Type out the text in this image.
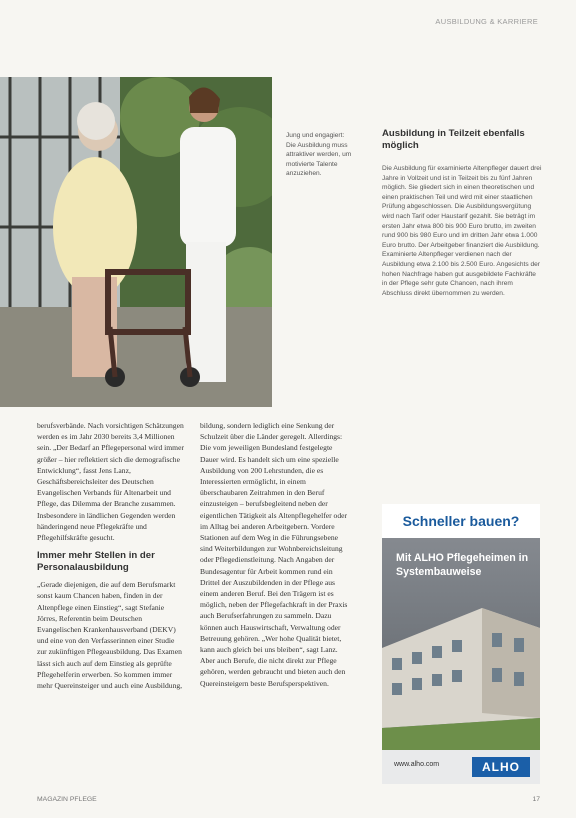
AUSBILDUNG & KARRIERE
Jung und engagiert: Die Ausbildung muss attraktiver werden, um motivierte Talente anzuziehen.
Ausbildung in Teilzeit ebenfalls möglich

Die Ausbildung für examinierte Altenpfleger dauert drei Jahre in Vollzeit und ist in Teilzeit bis zu fünf Jahren möglich. Sie gliedert sich in einen theoretischen und einen praktischen Teil und wird mit einer staatlichen Prüfung abgeschlossen. Die Ausbildungsvergütung wird nach Tarif oder Haustarif gezahlt. Sie beträgt im ersten Jahr etwa 800 bis 900 Euro brutto, im zweiten rund 900 bis 980 Euro und im dritten Jahr etwa 1.000 Euro brutto. Der Arbeitgeber finanziert die Ausbildung. Examinierte Altenpfleger verdienen nach der Ausbildung etwa 2.100 bis 2.500 Euro. Angesichts der hohen Nachfrage haben gut ausgebildete Fachkräfte in der Pflege sehr gute Chancen, nach ihrem Abschluss direkt übernommen zu werden.

berufsverbände. Nach vorsichtigen Schätzungen werden es im Jahr 2030 bereits 3,4 Millionen sein. „Der Bedarf an Pflegepersonal wird immer größer – hier reflektiert sich die demografische Entwicklung“, fasst Jens Lanz, Geschäftsbereichsleiter des Deutschen Evangelischen Verbands für Altenarbeit und Pflege, das Dilemma der Branche zusammen. Insbesondere in ländlichen Gegenden werden händeringend neue Pflegekräfte und Pflegehilfskräfte gesucht.

Immer mehr Stellen in der Personalausbildung

„Gerade diejenigen, die auf dem Berufsmarkt sonst kaum Chancen haben, finden in der Altenpflege einen Einstieg“, sagt Stefanie Jörres, Referentin beim Deutschen Evangelischen Krankenhausverband (DEKV) und eine von den Verfasserinnen einer Studie zur zukünftigen Pflegeausbildung. Das Examen lässt sich auch auf dem Einstieg als geprüfte Pflegehelferin erwerben. So kommen immer mehr Quereinsteiger und auch eine Ausbildung,

bildung, sondern lediglich eine Senkung der Schulzeit über die Länder geregelt. Allerdings: Die vom jeweiligen Bundesland festgelegte Dauer wird. Es handelt sich um eine spezielle Ausbildung von 200 Lehrstunden, die es Interessierten ermöglicht, in einem überschaubaren Zeitrahmen in den Beruf einzusteigen – berufsbegleitend neben der eigentlichen Tätigkeit als Altenpflegehelfer oder im Alltag bei anderen Arbeitgebern. Vordere Stationen auf dem Weg in die Führungsebene sind Weiterbildungen zur Wohnbereichsleitung oder Pflegedienstleitung. Nach Angaben der Bundesagentur für Arbeit kommen rund ein Drittel der Auszubildenden in der Pflege aus einem anderen Beruf. Bei den Trägern ist es möglich, neben der Pflegefachkraft in der Praxis auch Berufserfahrungen zu sammeln. Dazu können auch Hauswirtschaft, Verwaltung oder Betreuung gehören. „Wer hohe Qualität bietet, kann auch gleich bei uns bleiben“, sagt Lanz. Aber auch Berufe, die nicht direkt zur Pflege gehören, werden gebraucht und bieten auch den Quereinsteigern beste Berufsperspektiven.

Schneller bauen?
Mit ALHO Pflegeheimen in Systembauweise
www.alho.com	ALHO
MAGAZIN PFLEGE	17
